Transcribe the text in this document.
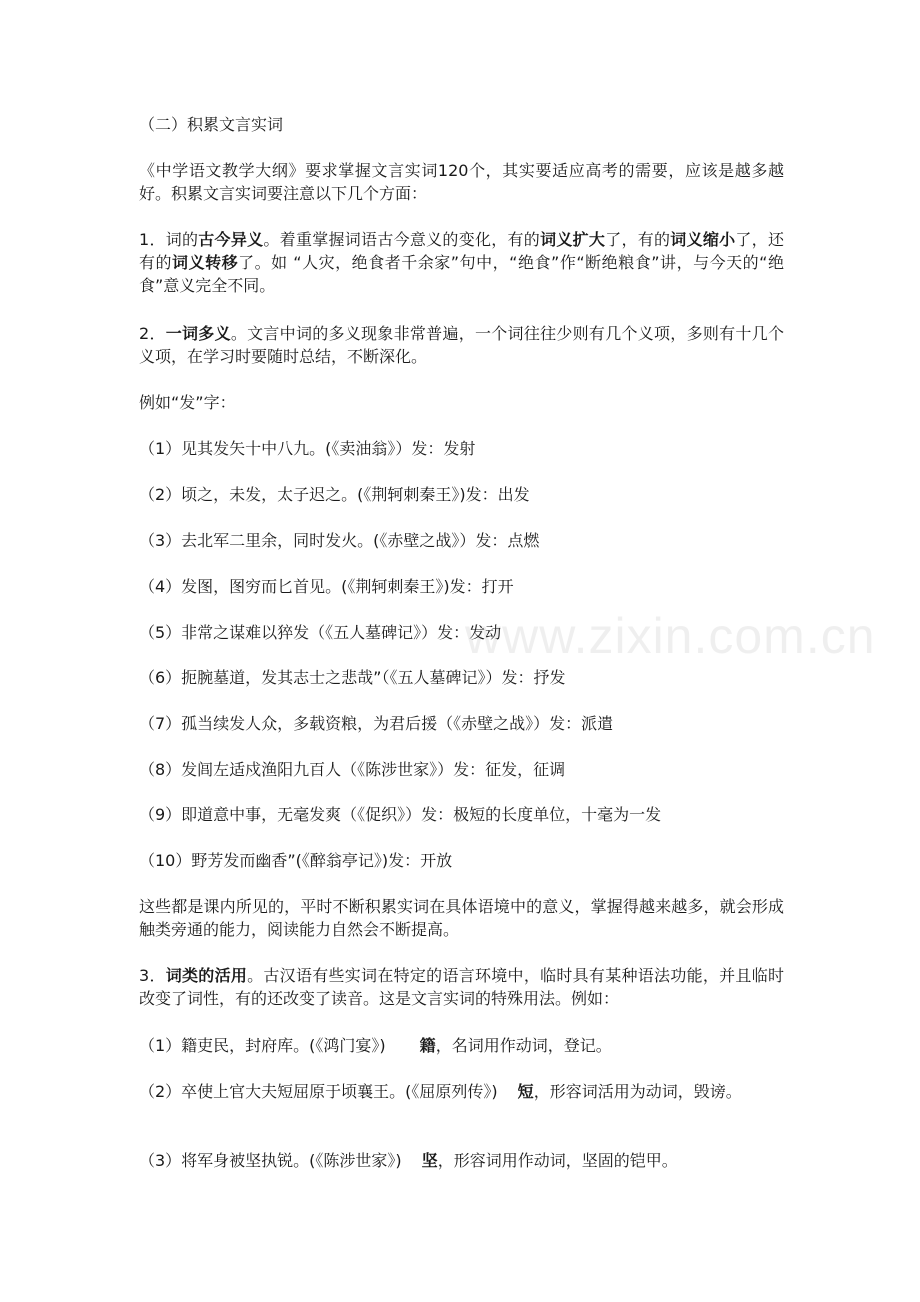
（二）积累文言实词

《中学语文教学大纲》要求掌握文言实词120个，其实要适应高考的需要，应该是越多越好。积累文言实词要注意以下几个方面：

1．词的古今异义。着重掌握词语古今意义的变化，有的词义扩大了，有的词义缩小了，还有的词义转移了。如 “人灾，绝食者千余家”句中，“绝食”作“断绝粮食”讲，与今天的“绝食”意义完全不同。

2．一词多义。文言中词的多义现象非常普遍，一个词往往少则有几个义项，多则有十几个义项，在学习时要随时总结，不断深化。

例如“发”字：

（1）见其发矢十中八九。(《卖油翁》）发：发射

（2）顷之，未发，太子迟之。(《荆轲刺秦王》)发：出发

（3）去北军二里余，同时发火。(《赤壁之战》）发：点燃

（4）发图，图穷而匕首见。(《荆轲刺秦王》)发：打开

（5）非常之谋难以猝发（《五人墓碑记》）发：发动

（6）扼腕墓道，发其志士之悲哉”（《五人墓碑记》）发：抒发

（7）孤当续发人众，多载资粮，为君后援（《赤壁之战》）发：派遣

（8）发闾左适戍渔阳九百人（《陈涉世家》）发：征发，征调

（9）即道意中事，无毫发爽（《促织》）发：极短的长度单位，十毫为一发

（10）野芳发而幽香”(《醉翁亭记》)发：开放

这些都是课内所见的，平时不断积累实词在具体语境中的意义，掌握得越来越多，就会形成触类旁通的能力，阅读能力自然会不断提高。

3．词类的活用。古汉语有些实词在特定的语言环境中，临时具有某种语法功能，并且临时改变了词性，有的还改变了读音。这是文言实词的特殊用法。例如：

（1）籍吏民，封府库。(《鸿门宴》) 籍，名词用作动词，登记。

（2）卒使上官大夫短屈原于顷襄王。(《屈原列传》) 短，形容词活用为动词，毁谤。

（3）将军身被坚执锐。(《陈涉世家》) 坚，形容词用作动词，坚固的铠甲。

www.zixin.com.cn
